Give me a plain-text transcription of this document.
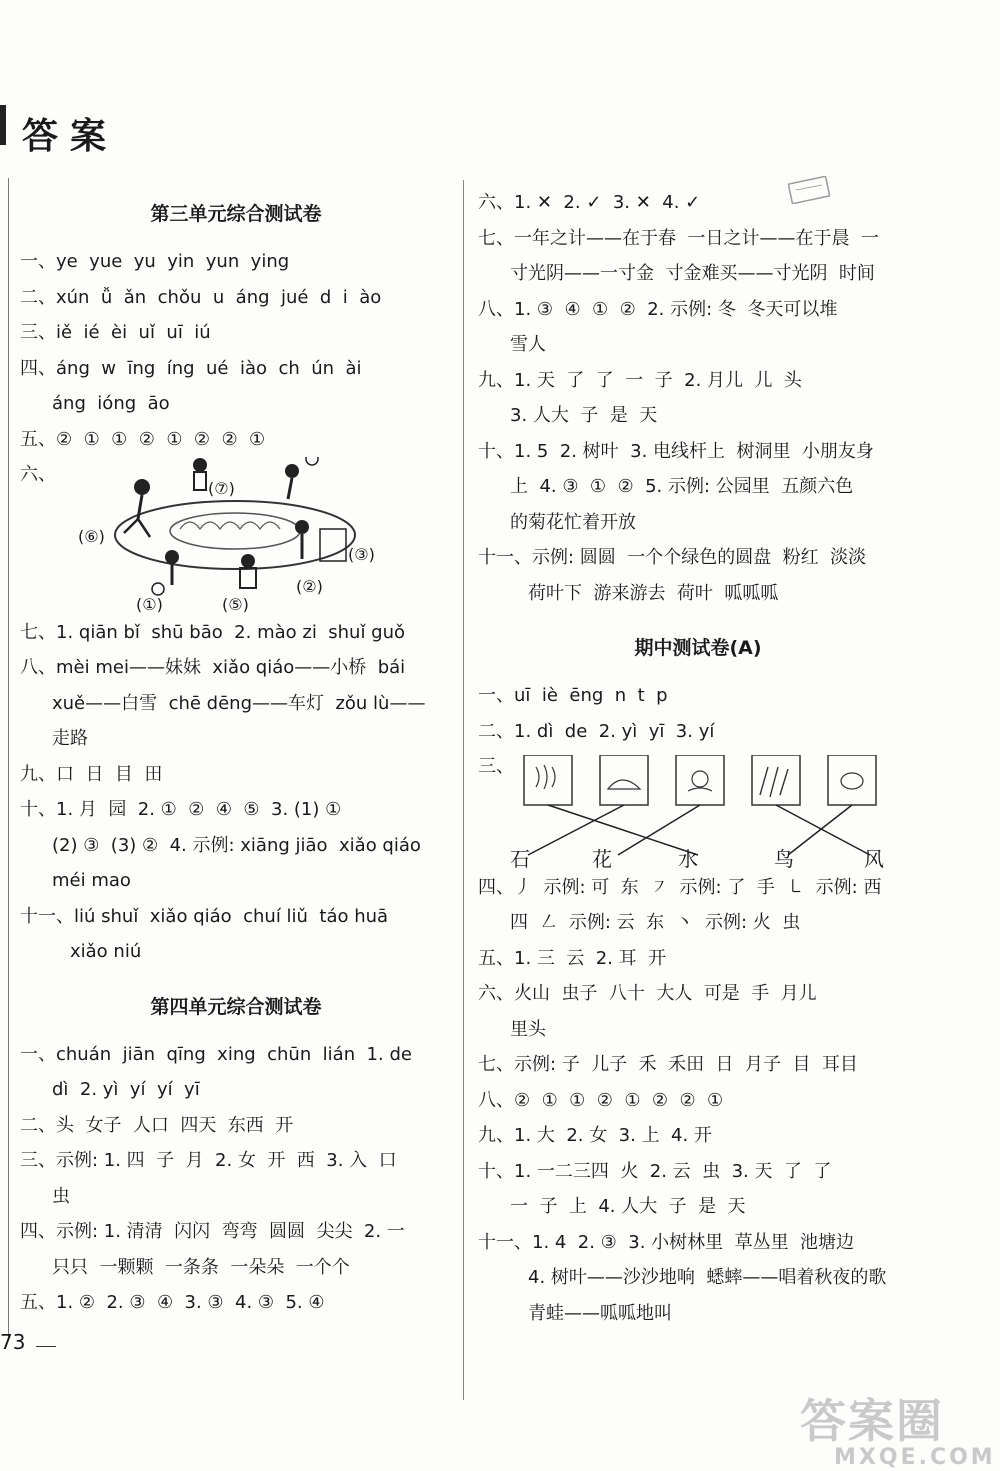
答案
第三单元综合测试卷
一、ye  yue  yu  yin  yun  ying
二、xún  ǚ  ǎn  chǒu  u  áng  jué  d  i  ào
三、iě  ié  èi  uǐ  uī  iú
四、áng  w  īng  íng  ué  iào  ch  ún  ài
áng  ióng  āo
五、②  ①  ①  ②  ①  ②  ②  ①
六、
(⑦)
(⑥)
(③)
(②)
(①)	(⑤)
七、1. qiān bǐ  shū bāo  2. mào zi  shuǐ guǒ
八、mèi mei——妹妹  xiǎo qiáo——小桥  bái
xuě——白雪  chē dēng——车灯  zǒu lù——
走路
九、口  日  目  田
十、1. 月  园  2. ①  ②  ④  ⑤  3. (1) ①
(2) ③  (3) ②  4. 示例: xiāng jiāo  xiǎo qiáo
méi mao
十一、liú shuǐ  xiǎo qiáo  chuí liǔ  táo huā
xiǎo niú
第四单元综合测试卷
一、chuán  jiān  qīng  xing  chūn  lián  1. de
dì  2. yì  yí  yí  yī
二、头  女子  人口  四天  东西  开
三、示例: 1. 四  子  月  2. 女  开  西  3. 入  口
虫
四、示例: 1. 清清  闪闪  弯弯  圆圆  尖尖  2. 一
只只  一颗颗  一条条  一朵朵  一个个
五、1. ②  2. ③  ④  3. ③  4. ③  5. ④
六、1. ✕  2. ✓  3. ✕  4. ✓
七、一年之计——在于春  一日之计——在于晨  一
寸光阴——一寸金  寸金难买——寸光阴  时间
八、1. ③  ④  ①  ②  2. 示例: 冬  冬天可以堆
雪人
九、1. 天  了  了  一  子  2. 月儿  儿  头
3. 人大  子  是  天
十、1. 5  2. 树叶  3. 电线杆上  树洞里  小朋友身
上  4. ③  ①  ②  5. 示例: 公园里  五颜六色
的菊花忙着开放
十一、示例: 圆圆  一个个绿色的圆盘  粉红  淡淡
荷叶下  游来游去  荷叶  呱呱呱
期中测试卷(A)
一、uī  iè  ēng  n  t  p
二、1. dì  de  2. yì  yī  3. yí
三、
石	花	水	鸟	风
四、丿  示例: 可  东  ㇇  示例: 了  手  ㇄  示例: 西
四  ㇜  示例: 云  东  丶  示例: 火  虫
五、1. 三  云  2. 耳  开
六、火山  虫子  八十  大人  可是  手  月儿
里头
七、示例: 子  儿子  禾  禾田  日  月子  目  耳目
八、②  ①  ①  ②  ①  ②  ②  ①
九、1. 大  2. 女  3. 上  4. 开
十、1. 一二三四  火  2. 云  虫  3. 天  了  了
一  子  上  4. 人大  子  是  天
十一、1. 4  2. ③  3. 小树林里  草丛里  池塘边
4. 树叶——沙沙地响  蟋蟀——唱着秋夜的歌
青蛙——呱呱地叫
73
答案圈
MXQE.COM
